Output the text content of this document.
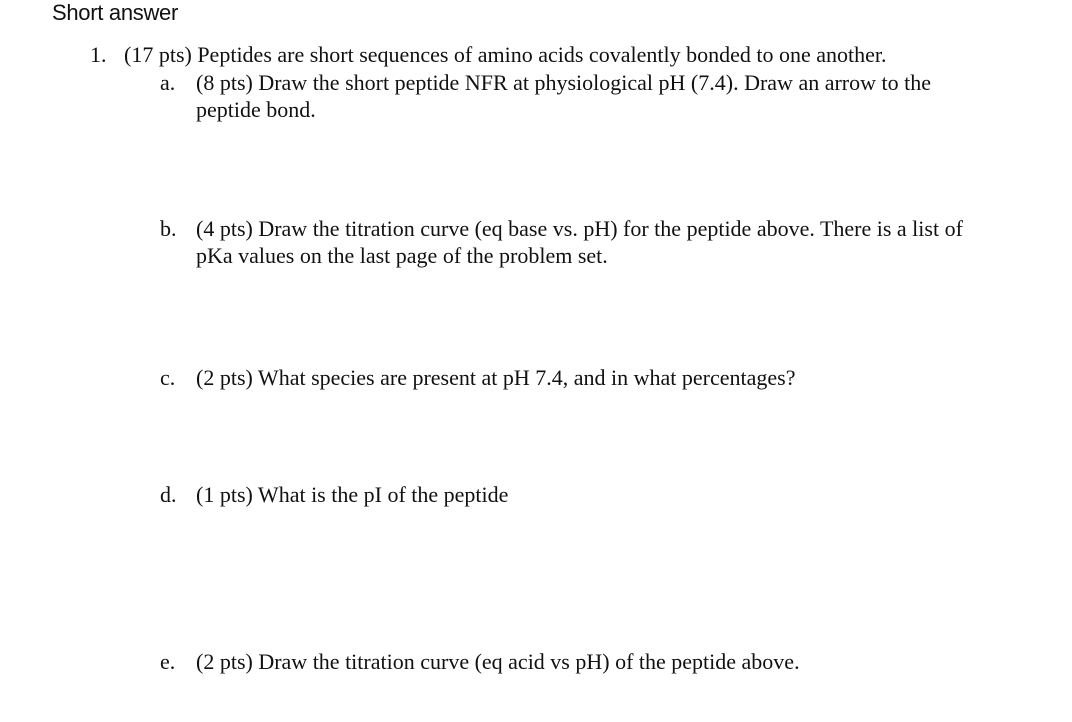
Short answer
1. (17 pts) Peptides are short sequences of amino acids covalently bonded to one another.
a. (8 pts) Draw the short peptide NFR at physiological pH (7.4). Draw an arrow to the peptide bond.
b. (4 pts) Draw the titration curve (eq base vs. pH) for the peptide above. There is a list of pKa values on the last page of the problem set.
c. (2 pts) What species are present at pH 7.4, and in what percentages?
d. (1 pts) What is the pI of the peptide
e. (2 pts) Draw the titration curve (eq acid vs pH) of the peptide above.
